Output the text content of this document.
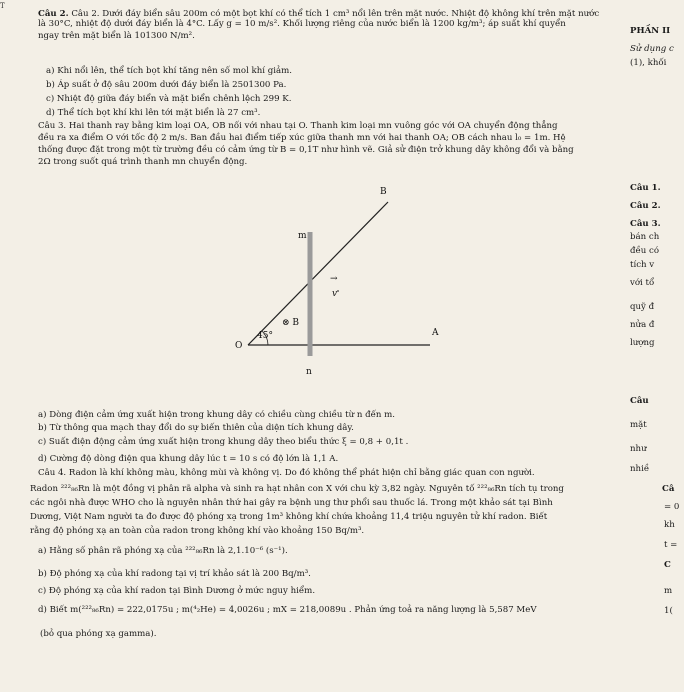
T
Câu 2. Câu 2. Dưới đáy biển sâu 200m có một bọt khí có thể tích 1 cm³ nổi lên trên mặt nước. Nhiệt độ không khí trên mặt nước
là 30°C, nhiệt độ dưới đáy biển là 4°C. Lấy g = 10 m/s². Khối lượng riêng của nước biển là 1200 kg/m³; áp suất khí quyển
ngay trên mặt biển là 101300 N/m².
a) Khi nổi lên, thể tích bọt khí tăng nên số mol khí giảm.
b) Áp suất ở độ sâu 200m dưới đáy biển là 2501300 Pa.
c) Nhiệt độ giữa đáy biển và mặt biển chênh lệch 299 K.
d) Thể tích bọt khí khi lên tới mặt biển là 27 cm³.
Câu 3. Hai thanh ray bằng kim loại OA, OB nối với nhau tại O. Thanh kim loại mn vuông góc với OA chuyển động thẳng
đều ra xa điểm O với tốc độ 2 m/s. Ban đầu hai điểm tiếp xúc giữa thanh mn với hai thanh OA; OB cách nhau l₀ = 1m. Hệ
thống được đặt trong một từ trường đều có cảm ứng từ B = 0,1T như hình vẽ. Giả sử điện trở khung dây không đổi và bằng
2Ω trong suốt quá trình thanh mn chuyển động.
O
B
m
n
A
v
→
⊗ B
45°
a) Dòng điện cảm ứng xuất hiện trong khung dây có chiều cùng chiều từ n đến m.
b) Từ thông qua mạch thay đổi do sự biến thiên của diện tích khung dây.
c) Suất điện động cảm ứng xuất hiện trong khung dây theo biểu thức ξ = 0,8 + 0,1t .
d) Cường độ dòng điện qua khung dây lúc t = 10 s có độ lớn là 1,1 A.
Câu 4. Radon là khí không màu, không mùi và không vị. Do đó không thể phát hiện chỉ bằng giác quan con người.
Radon ²²²₈₆Rn là một đồng vị phân rã alpha và sinh ra hạt nhân con X với chu kỳ 3,82 ngày. Nguyên tố ²²²₈₆Rn tích tụ trong
các ngôi nhà được WHO cho là nguyên nhân thứ hai gây ra bệnh ung thư phổi sau thuốc lá. Trong một khảo sát tại Bình
Dương, Việt Nam người ta đo được độ phóng xạ trong 1m³ không khí chứa khoảng 11,4 triệu nguyên tử khí radon. Biết
rằng độ phóng xạ an toàn của radon trong không khí vào khoảng 150 Bq/m³.
a) Hằng số phân rã phóng xạ của ²²²₈₆Rn là 2,1.10⁻⁶ (s⁻¹).
b) Độ phóng xạ của khí radong tại vị trí khảo sát là 200 Bq/m³.
c) Độ phóng xạ của khí radon tại Bình Dương ở mức nguy hiểm.
d) Biết m(²²²₈₆Rn) = 222,0175u ; m(⁴₂He) = 4,0026u ; mX = 218,0089u . Phản ứng toả ra năng lượng là 5,587 MeV
(bỏ qua phóng xạ gamma).
PHẦN II
Sử dụng c
(1), khối
Câu 1.
Câu 2.
Câu 3.
bán ch
đều có
tích v
với tổ
quỹ đ
nửa đ
lượng
Câu
mặt
như
nhiề
Câ
= 0
kh
t =
C
m
1(
